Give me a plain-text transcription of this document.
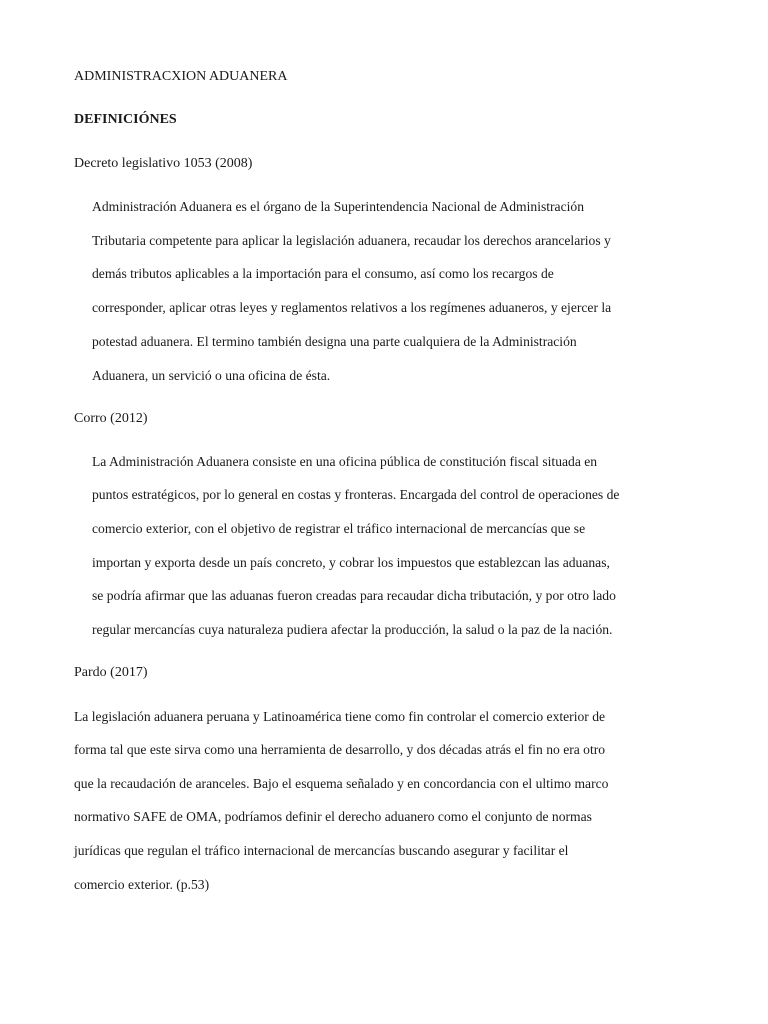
ADMINISTRACXION ADUANERA
DEFINICIÓNES
Decreto legislativo 1053 (2008)
Administración Aduanera es el órgano de la Superintendencia Nacional de Administración
Tributaria competente para aplicar la legislación aduanera, recaudar los derechos arancelarios y
demás tributos aplicables a la importación para el consumo, así como los recargos de
corresponder, aplicar otras leyes y reglamentos relativos a los regímenes aduaneros, y ejercer la
potestad aduanera. El termino también designa una parte cualquiera de la Administración
Aduanera, un servició o una oficina de ésta.
Corro (2012)
La Administración Aduanera consiste en una oficina pública de constitución fiscal situada en
puntos estratégicos, por lo general en costas y fronteras. Encargada del control de operaciones de
comercio exterior, con el objetivo de registrar el tráfico internacional de mercancías que se
importan y exporta desde un país concreto, y cobrar los impuestos que establezcan las aduanas,
se podría afirmar que las aduanas fueron creadas para recaudar dicha tributación, y por otro lado
regular mercancías cuya naturaleza pudiera afectar la producción, la salud o la paz de la nación.
Pardo (2017)
La legislación aduanera peruana y Latinoamérica tiene como fin controlar el comercio exterior de
forma tal que este sirva como una herramienta de desarrollo, y dos décadas atrás el fin no era otro
que la recaudación de aranceles. Bajo el esquema señalado y en concordancia con el ultimo marco
normativo SAFE de OMA, podríamos definir el derecho aduanero como el conjunto de normas
jurídicas que regulan el tráfico internacional de mercancías buscando asegurar y facilitar el
comercio exterior. (p.53)
